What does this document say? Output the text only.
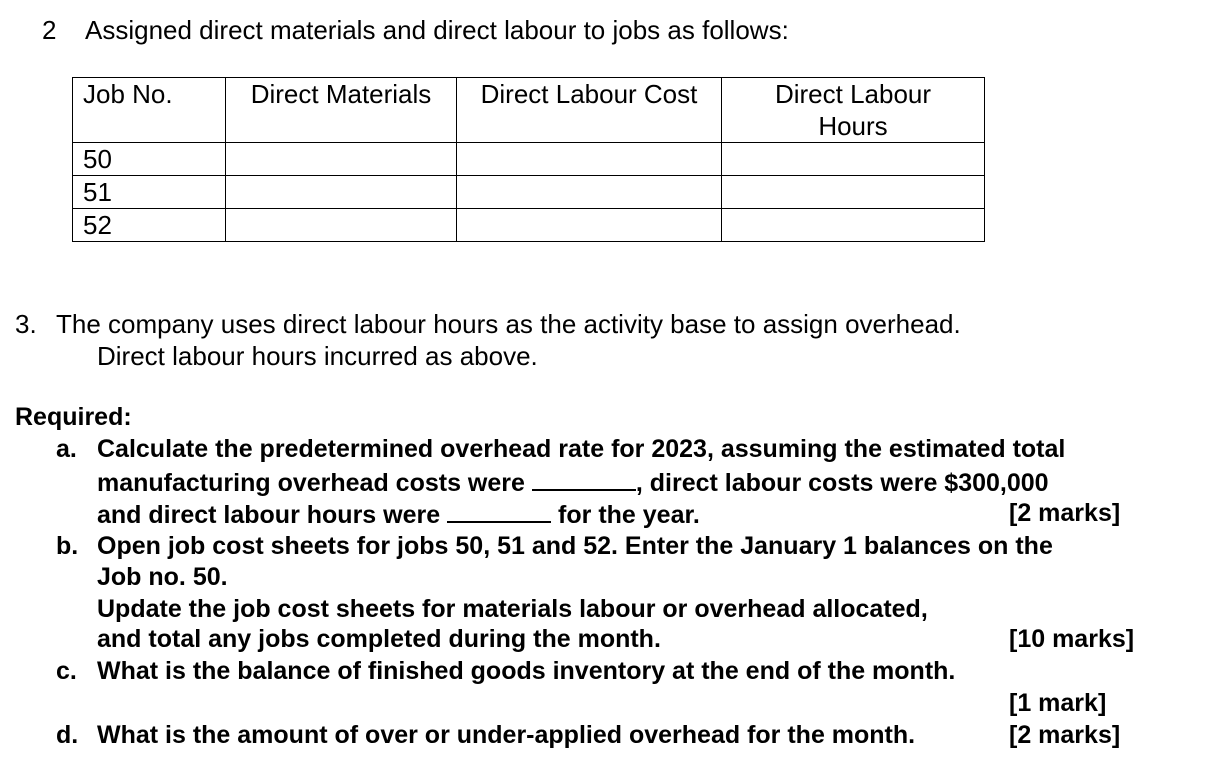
2 Assigned direct materials and direct labour to jobs as follows:
Job No.	Direct Materials	Direct Labour Cost	Direct Labour
Hours
50			
51			
52			
3. The company uses direct labour hours as the activity base to assign overhead.
Direct labour hours incurred as above.
Required:
a. Calculate the predetermined overhead rate for 2023, assuming the estimated total
manufacturing overhead costs were	, direct labour costs were $300,000
and direct labour hours were	for the year.	[2 marks]
b. Open job cost sheets for jobs 50, 51 and 52. Enter the January 1 balances on the
Job no. 50.
Update the job cost sheets for materials labour or overhead allocated,
and total any jobs completed during the month.	[10 marks]
c. What is the balance of finished goods inventory at the end of the month.
[1 mark]
d. What is the amount of over or under-applied overhead for the month.	[2 marks]
